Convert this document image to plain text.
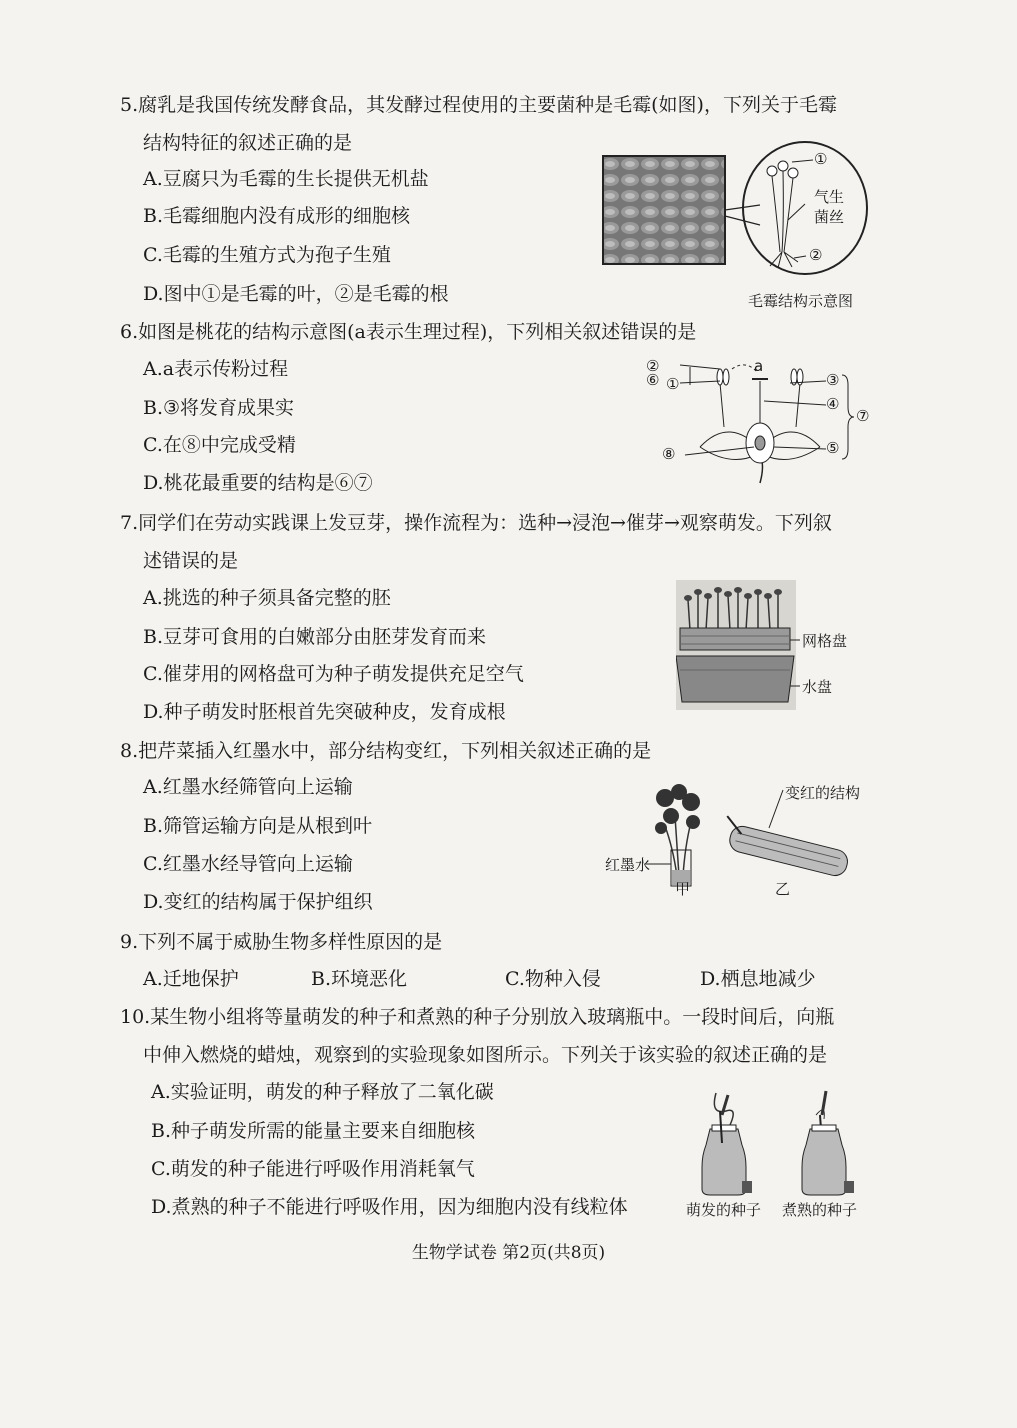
5.腐乳是我国传统发酵食品，其发酵过程使用的主要菌种是毛霉(如图)，下列关于毛霉
结构特征的叙述正确的是
A.豆腐只为毛霉的生长提供无机盐
B.毛霉细胞内没有成形的细胞核
C.毛霉的生殖方式为孢子生殖
D.图中①是毛霉的叶，②是毛霉的根
①
气生
菌丝
②
毛霉结构示意图
6.如图是桃花的结构示意图(a表示生理过程)，下列相关叙述错误的是
A.a表示传粉过程
B.③将发育成果实
C.在⑧中完成受精
D.桃花最重要的结构是⑥⑦
②
⑥ ①
a
③
④
⑦
⑤
⑧
7.同学们在劳动实践课上发豆芽，操作流程为：选种→浸泡→催芽→观察萌发。下列叙
述错误的是
A.挑选的种子须具备完整的胚
B.豆芽可食用的白嫩部分由胚芽发育而来
C.催芽用的网格盘可为种子萌发提供充足空气
D.种子萌发时胚根首先突破种皮，发育成根
网格盘
水盘
8.把芹菜插入红墨水中，部分结构变红，下列相关叙述正确的是
A.红墨水经筛管向上运输
B.筛管运输方向是从根到叶
C.红墨水经导管向上运输
D.变红的结构属于保护组织
红墨水
甲
变红的结构
乙
9.下列不属于威胁生物多样性原因的是
A.迁地保护	B.环境恶化	C.物种入侵	D.栖息地减少
10.某生物小组将等量萌发的种子和煮熟的种子分别放入玻璃瓶中。一段时间后，向瓶
中伸入燃烧的蜡烛，观察到的实验现象如图所示。下列关于该实验的叙述正确的是
A.实验证明，萌发的种子释放了二氧化碳
B.种子萌发所需的能量主要来自细胞核
C.萌发的种子能进行呼吸作用消耗氧气
D.煮熟的种子不能进行呼吸作用，因为细胞内没有线粒体	萌发的种子 煮熟的种子
生物学试卷 第2页(共8页)
